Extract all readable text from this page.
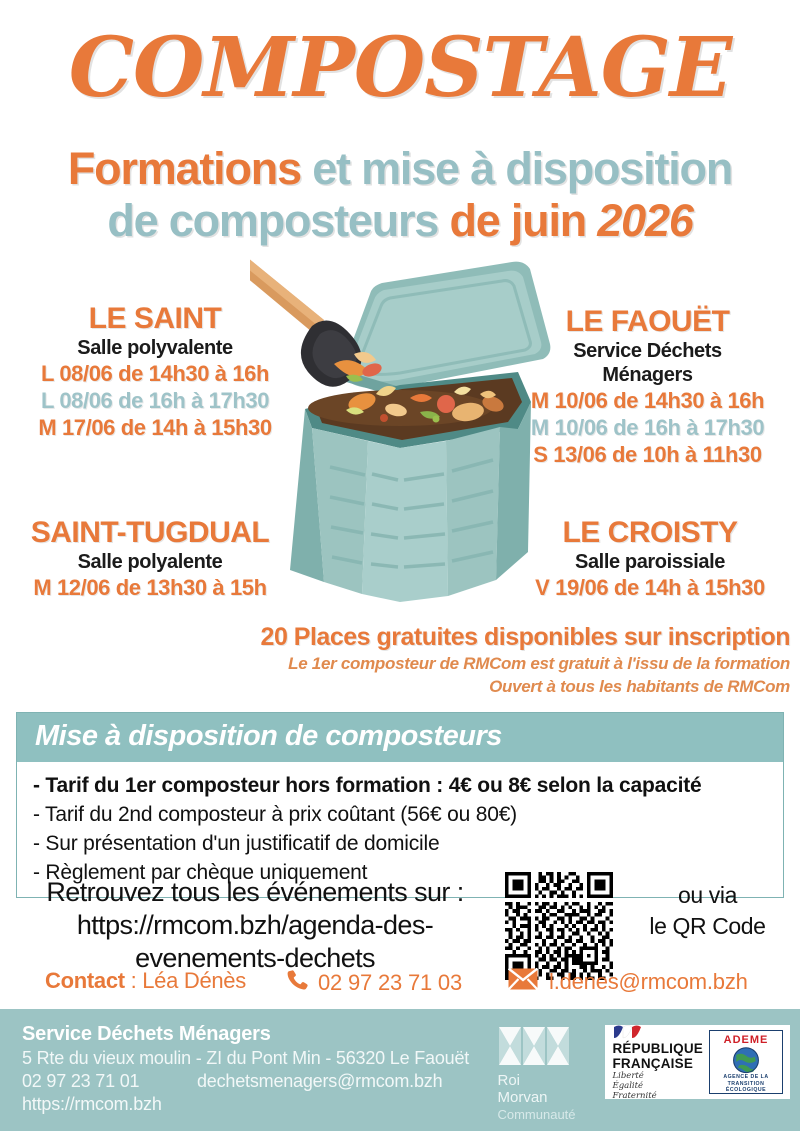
COMPOSTAGE
Formations et mise à disposition
de composteurs de juin 2026
LE SAINT
Salle polyvalente
L 08/06 de 14h30 à 16h
L 08/06 de 16h à 17h30
M 17/06 de 14h à 15h30
LE FAOUËT
Service Déchets
Ménagers
M 10/06 de 14h30 à 16h
M 10/06 de 16h à 17h30
S 13/06 de 10h à 11h30
SAINT-TUGDUAL
Salle polyalente
M 12/06 de 13h30 à 15h
LE CROISTY
Salle paroissiale
V 19/06 de 14h à 15h30
20 Places gratuites disponibles sur inscription
Le 1er composteur de RMCom est gratuit à l'issu de la formation
Ouvert à tous les habitants de RMCom
Mise à disposition de composteurs
- Tarif du 1er composteur hors formation : 4€ ou 8€ selon la capacité
- Tarif du 2nd composteur à prix coûtant (56€ ou 80€)
- Sur présentation d'un justificatif de domicile
- Règlement par chèque uniquement
Retrouvez tous les événements sur :
https://rmcom.bzh/agenda-des-
evenements-dechets
ou via
le QR Code
Contact : Léa Dénès	02 97 23 71 03	l.denes@rmcom.bzh
Service Déchets Ménagers
5 Rte du vieux moulin - ZI du Pont Min - 56320 Le Faouët
02 97 23 71 01	dechetsmenagers@rmcom.bzh
https://rmcom.bzh
Roi
Morvan
Communauté
RÉPUBLIQUE
FRANÇAISE
Liberté
Égalité
Fraternité
ADEME
AGENCE DE LA
TRANSITION
ÉCOLOGIQUE
